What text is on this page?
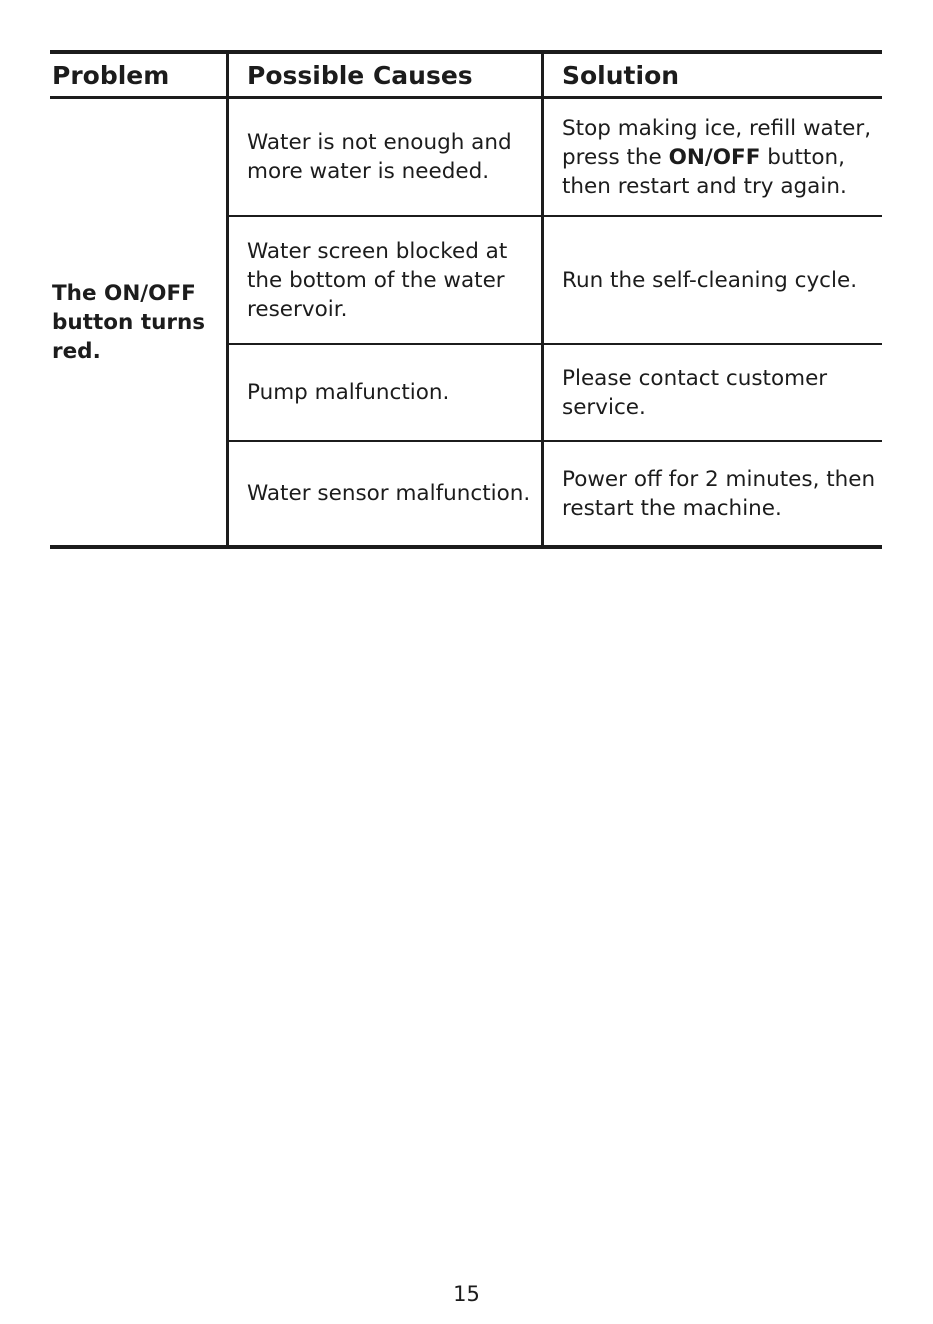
Problem	Possible Causes	Solution
The ON/OFF button turns red.
Water is not enough and more water is needed.
Stop making ice, refill water, press the ON/OFF button, then restart and try again.
Water screen blocked at the bottom of the water reservoir.
Run the self-cleaning cycle.
Pump malfunction.
Please contact customer service.
Water sensor malfunction.
Power off for 2 minutes, then restart the machine.
15
